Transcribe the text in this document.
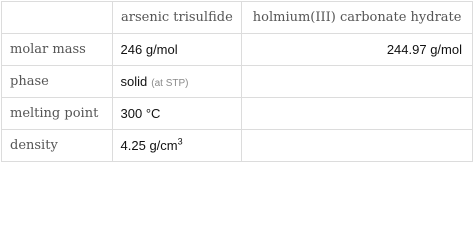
	arsenic trisulfide	holmium(III) carbonate hydrate
molar mass	246 g/mol	244.97 g/mol
phase	solid (at STP)	
melting point	300 °C	
density	4.25 $g/cm^3$	
